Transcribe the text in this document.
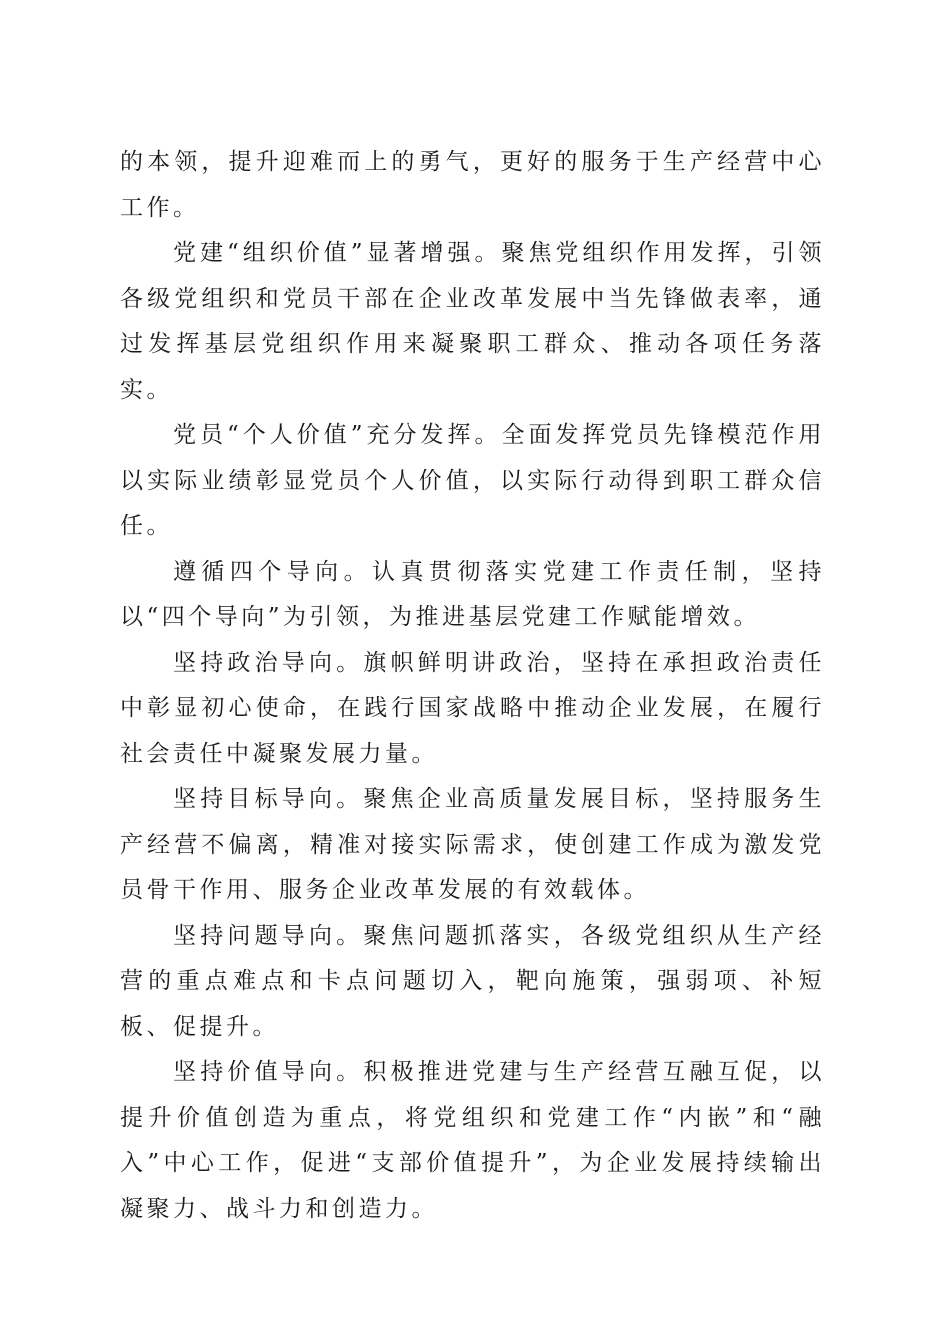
的本领，提升迎难而上的勇气，更好的服务于生产经营中心工作。

党建“组织价值”显著增强。聚焦党组织作用发挥，引领各级党组织和党员干部在企业改革发展中当先锋做表率，通过发挥基层党组织作用来凝聚职工群众、推动各项任务落实。

党员“个人价值”充分发挥。全面发挥党员先锋模范作用以实际业绩彰显党员个人价值，以实际行动得到职工群众信任。

遵循四个导向。认真贯彻落实党建工作责任制，坚持以“四个导向”为引领，为推进基层党建工作赋能增效。

坚持政治导向。旗帜鲜明讲政治，坚持在承担政治责任中彰显初心使命，在践行国家战略中推动企业发展，在履行社会责任中凝聚发展力量。

坚持目标导向。聚焦企业高质量发展目标，坚持服务生产经营不偏离，精准对接实际需求，使创建工作成为激发党员骨干作用、服务企业改革发展的有效载体。

坚持问题导向。聚焦问题抓落实，各级党组织从生产经营的重点难点和卡点问题切入，靶向施策，强弱项、补短板、促提升。

坚持价值导向。积极推进党建与生产经营互融互促，以提升价值创造为重点，将党组织和党建工作“内嵌”和“融入”中心工作，促进“支部价值提升”，为企业发展持续输出凝聚力、战斗力和创造力。
